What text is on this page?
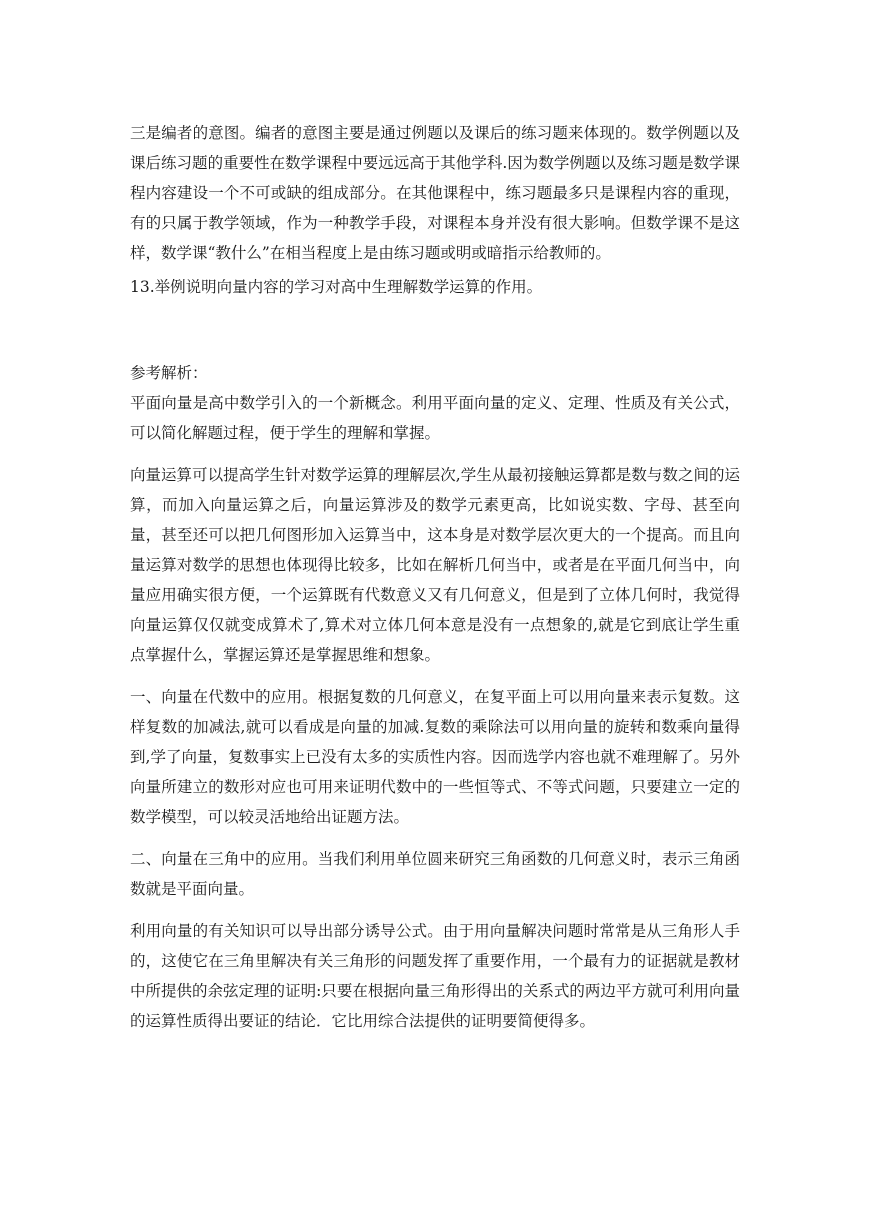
三是编者的意图。编者的意图主要是通过例题以及课后的练习题来体现的。数学例题以及课后练习题的重要性在数学课程中要远远高于其他学科.因为数学例题以及练习题是数学课程内容建设一个不可或缺的组成部分。在其他课程中，练习题最多只是课程内容的重现，有的只属于教学领域，作为一种教学手段，对课程本身并没有很大影响。但数学课不是这样，数学课“教什么”在相当程度上是由练习题或明或暗指示给教师的。

13.举例说明向量内容的学习对高中生理解数学运算的作用。

参考解析：

平面向量是高中数学引入的一个新概念。利用平面向量的定义、定理、性质及有关公式，可以简化解题过程，便于学生的理解和掌握。

向量运算可以提高学生针对数学运算的理解层次,学生从最初接触运算都是数与数之间的运算，而加入向量运算之后，向量运算涉及的数学元素更高，比如说实数、字母、甚至向量，甚至还可以把几何图形加入运算当中，这本身是对数学层次更大的一个提高。而且向量运算对数学的思想也体现得比较多，比如在解析几何当中，或者是在平面几何当中，向量应用确实很方便，一个运算既有代数意义又有几何意义，但是到了立体几何时，我觉得向量运算仅仅就变成算术了,算术对立体几何本意是没有一点想象的,就是它到底让学生重点掌握什么，掌握运算还是掌握思维和想象。

一、向量在代数中的应用。根据复数的几何意义，在复平面上可以用向量来表示复数。这样复数的加减法,就可以看成是向量的加减.复数的乘除法可以用向量的旋转和数乘向量得到,学了向量，复数事实上已没有太多的实质性内容。因而选学内容也就不难理解了。另外向量所建立的数形对应也可用来证明代数中的一些恒等式、不等式问题，只要建立一定的数学模型，可以较灵活地给出证题方法。

二、向量在三角中的应用。当我们利用单位圆来研究三角函数的几何意义时，表示三角函数就是平面向量。

利用向量的有关知识可以导出部分诱导公式。由于用向量解决问题时常常是从三角形人手的，这使它在三角里解决有关三角形的问题发挥了重要作用，一个最有力的证据就是教材中所提供的余弦定理的证明:只要在根据向量三角形得出的关系式的两边平方就可利用向量的运算性质得出要证的结论．它比用综合法提供的证明要简便得多。
